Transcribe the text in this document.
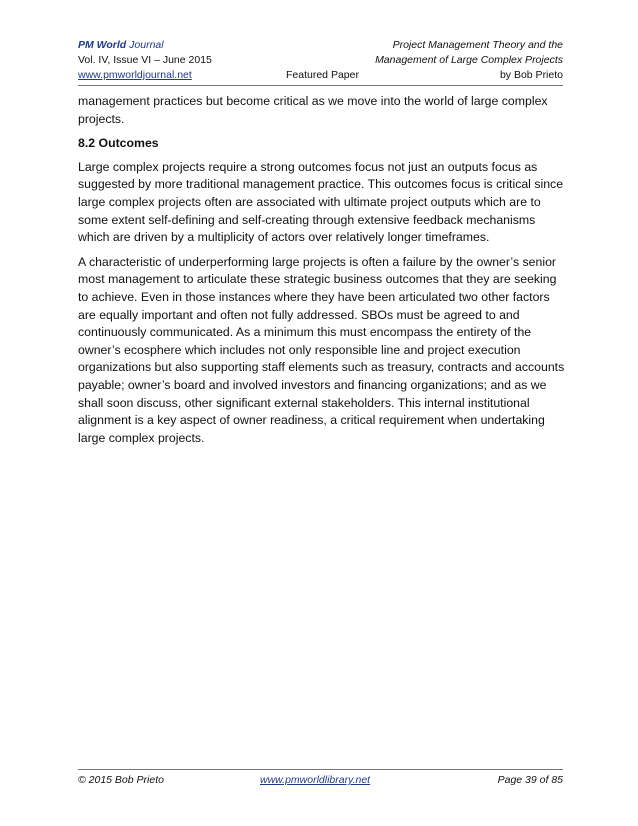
PM World Journal	Project Management Theory and the
Vol. IV, Issue VI – June 2015	Management of Large Complex Projects
www.pmworldjournal.net	Featured Paper	by Bob Prieto

management practices but become critical as we move into the world of large complex projects.

8.2 Outcomes

Large complex projects require a strong outcomes focus not just an outputs focus as suggested by more traditional management practice. This outcomes focus is critical since large complex projects often are associated with ultimate project outputs which are to some extent self-defining and self-creating through extensive feedback mechanisms which are driven by a multiplicity of actors over relatively longer timeframes.

A characteristic of underperforming large projects is often a failure by the owner’s senior most management to articulate these strategic business outcomes that they are seeking to achieve. Even in those instances where they have been articulated two other factors are equally important and often not fully addressed. SBOs must be agreed to and continuously communicated. As a minimum this must encompass the entirety of the owner’s ecosphere which includes not only responsible line and project execution organizations but also supporting staff elements such as treasury, contracts and accounts payable; owner’s board and involved investors and financing organizations; and as we shall soon discuss, other significant external stakeholders. This internal institutional alignment is a key aspect of owner readiness, a critical requirement when undertaking large complex projects.

© 2015 Bob Prieto	www.pmworldlibrary.net	Page 39 of 85
